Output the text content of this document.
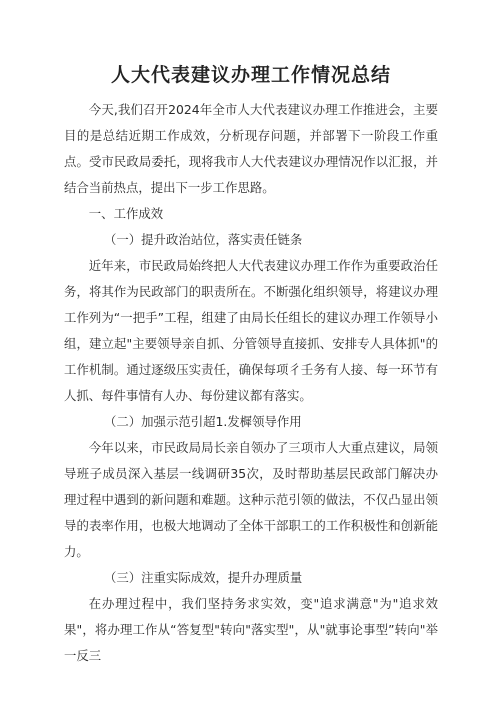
人大代表建议办理工作情况总结

今天,我们召开2024年全市人大代表建议办理工作推进会，主要目的是总结近期工作成效，分析现存问题，并部署下一阶段工作重点。受市民政局委托，现将我市人大代表建议办理情况作以汇报，并结合当前热点，提出下一步工作思路。

一、工作成效

（一）提升政治站位，落实责任链条

近年来，市民政局始终把人大代表建议办理工作作为重要政治任务，将其作为民政部门的职责所在。不断强化组织领导，将建议办理工作列为“一把手”工程，组建了由局长任组长的建议办理工作领导小组，建立起"主要领导亲自抓、分管领导直接抓、安排专人具体抓"的工作机制。通过逐级压实责任，确保每项彳壬务有人接、每一环节有人抓、每件事情有人办、每份建议都有落实。

（二）加强示范引超1.发樨领导作用

今年以来，市民政局局长亲自领办了三项市人大重点建议，局领导班子成员深入基层一线调研35次，及时帮助基层民政部门解决办理过程中遇到的新问题和难题。这种示范引领的做法，不仅凸显出领导的表率作用，也极大地调动了全体干部职工的工作积极性和创新能力。

（三）注重实际成效，提升办理质量

在办理过程中，我们坚持务求实效，变"追求满意"为"追求效果"，将办理工作从“答复型"转向"落实型"，从"就事论事型”转向"举一反三
